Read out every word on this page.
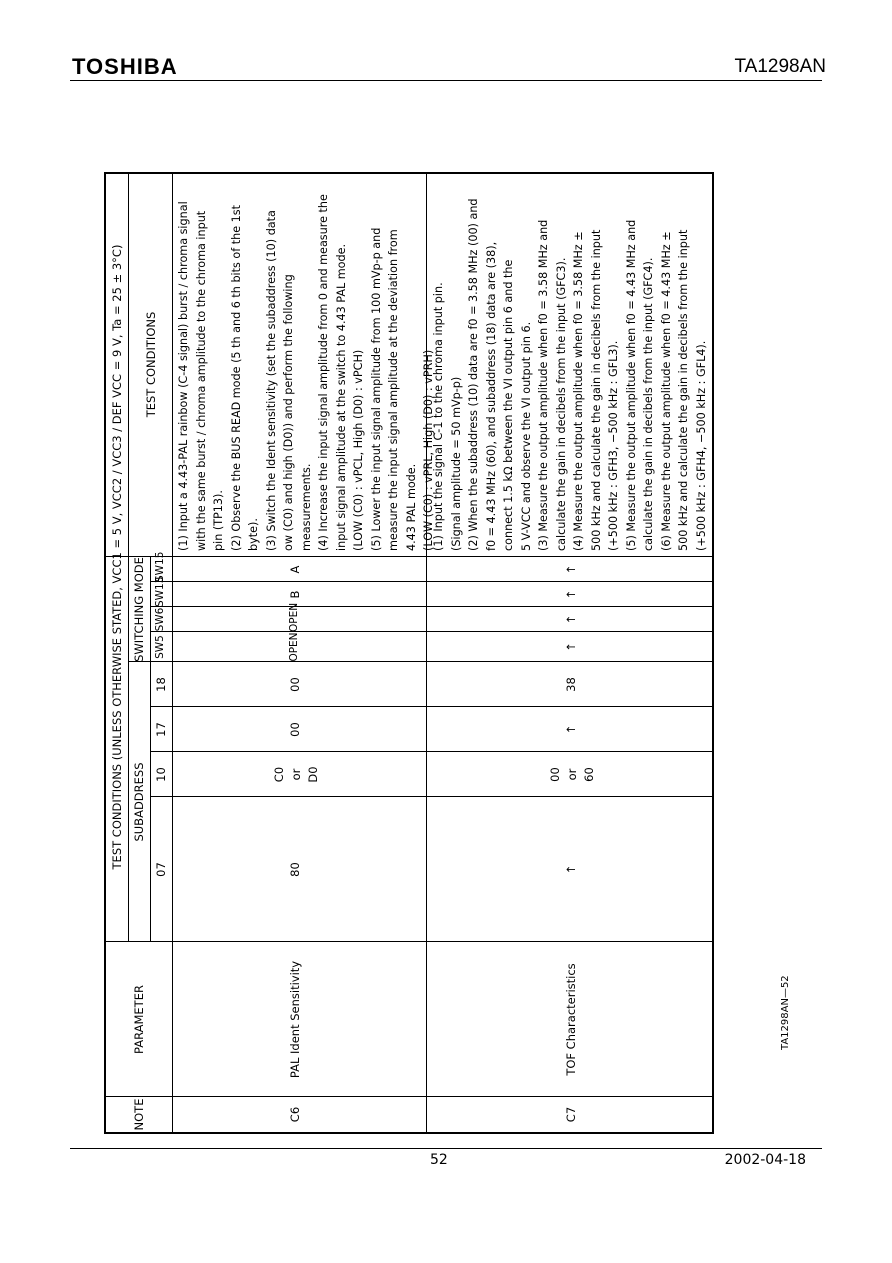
TOSHIBA	TA1298AN
TEST CONDITIONS (UNLESS OTHERWISE STATED, VCC1 = 5 V, VCC2 / VCC3 / DEF VCC = 9 V, Ta = 25 ± 3°C)
NOTE
PARAMETER
SUBADDRESS
07
10
17
18
SWITCHING MODE SW5
SW6
SW13
SW15
TEST CONDITIONS
C6
PAL Ident Sensitivity
80
C0 or D0
00
00
OPEN
OPEN
B
A
(1) Input a 4.43-PAL rainbow (C-4 signal) burst / chroma signal with the same burst / chroma amplitude to the chroma input pin (TP13). (2) Observe the BUS READ mode (5 th and 6 th bits of the 1st byte). (3) Switch the Ident sensitivity (set the subaddress (10) data ow (C0) and high (D0)) and perform the following measurements. (4) Increase the input signal amplitude from 0 and measure the input signal amplitude at the switch to 4.43 PAL mode. (LOW (C0) : vPCL, High (D0) : vPCH) (5) Lower the input signal amplitude from 100 mVp-p and measure the input signal amplitude at the deviation from 4.43 PAL mode. (LOW (C0) : vPRL, High (D0) : vPRH)
C7
TOF Characteristics
↑
00 or 60
↑
38
↑
↑
↑
↑
(1) Input the signal C-1 to the chroma input pin. (Signal amplitude = 50 mVp-p) (2) When the subaddress (10) data are f0 = 3.58 MHz (00) and f0 = 4.43 MHz (60), and subaddress (18) data are (38), connect 1.5 kΩ between the VI output pin 6 and the 5 V-VCC and observe the VI output pin 6. (3) Measure the output amplitude when f0 = 3.58 MHz and calculate the gain in decibels from the input (GFC3). (4) Measure the output amplitude when f0 = 3.58 MHz ± 500 kHz and calculate the gain in decibels from the input (+500 kHz : GFH3, −500 kHz : GFL3). (5) Measure the output amplitude when f0 = 4.43 MHz and calculate the gain in decibels from the input (GFC4). (6) Measure the output amplitude when f0 = 4.43 MHz ± 500 kHz and calculate the gain in decibels from the input (+500 kHz : GFH4, −500 kHz : GFL4).
TA1298AN—52
52	2002-04-18
